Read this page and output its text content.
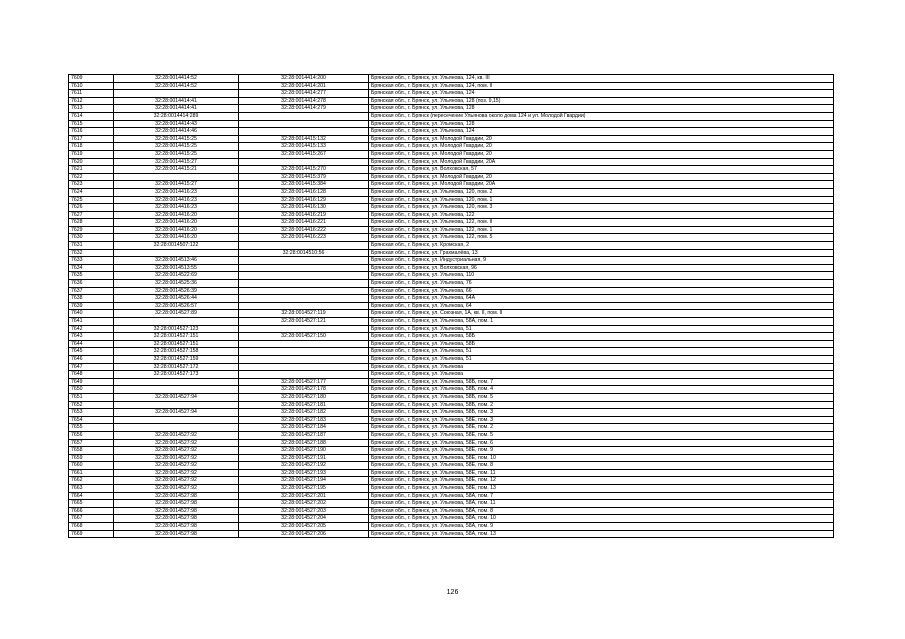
7609	32:28:0014414:52	32:28:0014414:200	Брянская обл., г. Брянск, ул. Ульянова, 124, кв. III
7610	32:28:0014414:52	32:28:0014414:201	Брянская обл., г. Брянск, ул. Ульянова, 124, пом. II
7611		32:28:0014414:277	Брянская обл., г. Брянск, ул. Ульянова, 124
7612	32:28:0014414:41	32:28:0014414:278	Брянская обл., г. Брянск, ул. Ульянова, 128 (поз. 9,15)
7613	32:28:0014414:41	32:28:0014414:279	Брянская обл., г. Брянск, ул. Ульянова, 128
7614	32:28:0014414:289		Брянская обл., г. Брянск (пересечение Ульянова около дома 124 и ул. Молодой Гвардии)
7615	32:28:0014414:43		Брянская обл., г. Брянск, ул. Ульянова, 128
7616	32:28:0014414:46		Брянская обл., г. Брянск, ул. Ульянова, 124
7617	32:28:0014415:25	32:28:0014415:132	Брянская обл., г. Брянск, ул. Молодой Гвардии, 20
7618	32:28:0014415:25	32:28:0014415:133	Брянская обл., г. Брянск, ул. Молодой Гвардии, 20
7619	32:28:0014415:25	32:28:0014415:267	Брянская обл., г. Брянск, ул. Молодой Гвардии, 20
7620	32:28:0014415:27		Брянская обл., г. Брянск, ул. Молодой Гвардии, 20А
7621	32:28:0014415:21	32:28:0014415:270	Брянская обл., г. Брянск, ул. Волховская, 57
7622		32:28:0014415:379	Брянская обл., г. Брянск, ул. Молодой Гвардии, 20
7623	32:28:0014415:27	32:28:0014415:384	Брянская обл., г. Брянск, ул. Молодой Гвардии, 20А
7624	32:28:0014416:23	32:28:0014416:128	Брянская обл., г. Брянск, ул. Ульянова, 120, пом. 2
7625	32:28:0014416:23	32:28:0014416:129	Брянская обл., г. Брянск, ул. Ульянова, 120, пом. 1
7626	32:28:0014416:23	32:28:0014416:130	Брянская обл., г. Брянск, ул. Ульянова, 120, пом. 3
7627	32:28:0014416:20	32:28:0014416:219	Брянская обл., г. Брянск, ул. Ульянова, 122
7628	32:28:0014416:20	32:28:0014416:221	Брянская обл., г. Брянск, ул. Ульянова, 122, пом. II
7629	32:28:0014416:20	32:28:0014416:222	Брянская обл., г. Брянск, ул. Ульянова, 122, пом. 1
7630	32:28:0014416:20	32:28:0014416:223	Брянская обл., г. Брянск, ул. Ульянова, 122, пом. 5
7631	32:28:0014507:122		Брянская обл., г. Брянск, ул. Кромская, 2
7632		32:28:0014510:56	Брянская обл., г. Брянск, ул. Грахмалёва, 13
7633	32:28:0014513:46		Брянская обл., г. Брянск, ул. Индустриальная, 9
7634	32:28:0014513:55		Брянская обл., г. Брянск, ул. Волховская, 96
7635	32:28:0014522:69		Брянская обл., г. Брянск, ул. Ульянова, 110
7636	32:28:0014525:36		Брянская обл., г. Брянск, ул. Ульянова, 76
7637	32:28:0014526:39		Брянская обл., г. Брянск, ул. Ульянова, 66
7638	32:28:0014526:44		Брянская обл., г. Брянск, ул. Ульянова, 64А
7639	32:28:0014526:57		Брянская обл., г. Брянск, ул. Ульянова, 64
7640	32:28:0014527:89	32:28:0014527:119	Брянская обл., г. Брянск, ул. Союзная, 1А, кв. II, пом. II
7641		32:28:0014527:121	Брянская обл., г. Брянск, ул. Ульянова, 58А, пом. 1
7642	32:28:0014527:123		Брянская обл., г. Брянск, ул. Ульянова, 51
7643	32:28:0014527:151	32:28:0014527:150	Брянская обл., г. Брянск, ул. Ульянова, 58Б
7644	32:28:0014527:151		Брянская обл., г. Брянск, ул. Ульянова, 58Б
7645	32:28:0014527:158		Брянская обл., г. Брянск, ул. Ульянова, 51
7646	32:28:0014527:159		Брянская обл., г. Брянск, ул. Ульянова, 51
7647	32:28:0014527:172		Брянская обл., г. Брянск, ул. Ульянова
7648	32:28:0014527:173		Брянская обл., г. Брянск, ул. Ульянова
7649		32:28:0014527:177	Брянская обл., г. Брянск, ул. Ульянова, 58Б, пом. 7
7650		32:28:0014527:178	Брянская обл., г. Брянск, ул. Ульянова, 58Б, пом. 4
7651	32:28:0014527:94	32:28:0014527:180	Брянская обл., г. Брянск, ул. Ульянова, 58Б, пом. 5
7652		32:28:0014527:181	Брянская обл., г. Брянск, ул. Ульянова, 58Б, пом. 2
7653	32:28:0014527:94	32:28:0014527:182	Брянская обл., г. Брянск, ул. Ульянова, 58Б, пом. 3
7654		32:28:0014527:183	Брянская обл., г. Брянск, ул. Ульянова, 58Е, пом. 3
7655		32:28:0014527:184	Брянская обл., г. Брянск, ул. Ульянова, 58Е, пом. 2
7656	32:28:0014527:92	32:28:0014527:187	Брянская обл., г. Брянск, ул. Ульянова, 58Е, пом. 5
7657	32:28:0014527:92	32:28:0014527:188	Брянская обл., г. Брянск, ул. Ульянова, 58Е, пом. 6
7658	32:28:0014527:92	32:28:0014527:190	Брянская обл., г. Брянск, ул. Ульянова, 58Е, пом. 9
7659	32:28:0014527:92	32:28:0014527:191	Брянская обл., г. Брянск, ул. Ульянова, 58Е, пом. 10
7660	32:28:0014527:92	32:28:0014527:192	Брянская обл., г. Брянск, ул. Ульянова, 58Е, пом. 8
7661	32:28:0014527:92	32:28:0014527:193	Брянская обл., г. Брянск, ул. Ульянова, 58Е, пом. 11
7662	32:28:0014527:92	32:28:0014527:194	Брянская обл., г. Брянск, ул. Ульянова, 58Е, пом. 12
7663	32:28:0014527:92	32:28:0014527:195	Брянская обл., г. Брянск, ул. Ульянова, 58Е, пом. 13
7664	32:28:0014527:98	32:28:0014527:201	Брянская обл., г. Брянск, ул. Ульянова, 58А, пом. 7
7665	32:28:0014527:98	32:28:0014527:202	Брянская обл., г. Брянск, ул. Ульянова, 58А, пом. 11
7666	32:28:0014527:98	32:28:0014527:203	Брянская обл., г. Брянск, ул. Ульянова, 58А, пом. 8
7667	32:28:0014527:98	32:28:0014527:204	Брянская обл., г. Брянск, ул. Ульянова, 58А, пом. 10
7668	32:28:0014527:98	32:28:0014527:205	Брянская обл., г. Брянск, ул. Ульянова, 58А, пом. 9
7669	32:28:0014527:98	32:28:0014527:206	Брянская обл., г. Брянск, ул. Ульянова, 58А, пом. 13
126
